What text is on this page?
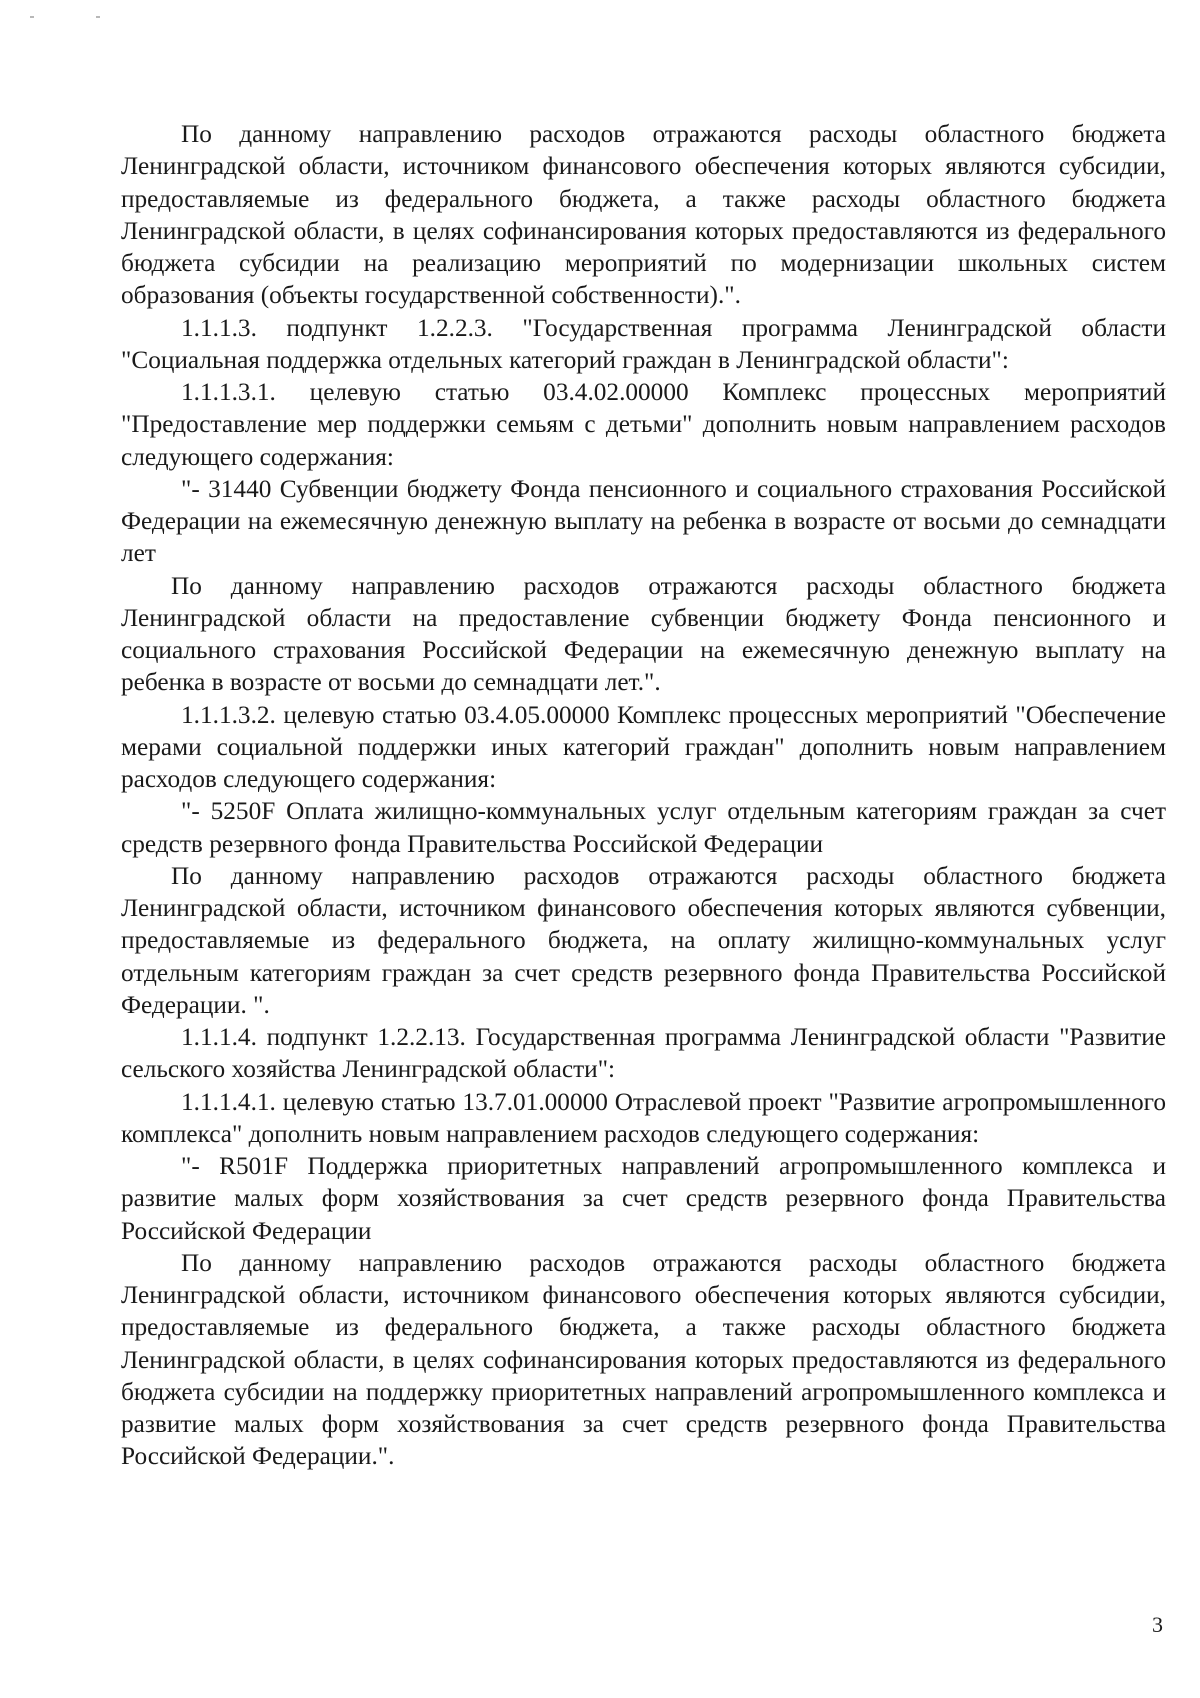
По данному направлению расходов отражаются расходы областного бюджета Ленинградской области, источником финансового обеспечения которых являются субсидии, предоставляемые из федерального бюджета, а также расходы областного бюджета Ленинградской области, в целях софинансирования которых предоставляются из федерального бюджета субсидии на реализацию мероприятий по модернизации школьных систем образования (объекты государственной собственности).".

1.1.1.3. подпункт 1.2.2.3. "Государственная программа Ленинградской области "Социальная поддержка отдельных категорий граждан в Ленинградской области":

1.1.1.3.1. целевую статью 03.4.02.00000 Комплекс процессных мероприятий "Предоставление мер поддержки семьям с детьми" дополнить новым направлением расходов следующего содержания:

"- 31440 Субвенции бюджету Фонда пенсионного и социального страхования Российской Федерации на ежемесячную денежную выплату на ребенка в возрасте от восьми до семнадцати лет

По данному направлению расходов отражаются расходы областного бюджета Ленинградской области на предоставление субвенции бюджету Фонда пенсионного и социального страхования Российской Федерации на ежемесячную денежную выплату на ребенка в возрасте от восьми до семнадцати лет.".

1.1.1.3.2. целевую статью 03.4.05.00000 Комплекс процессных мероприятий "Обеспечение мерами социальной поддержки иных категорий граждан" дополнить новым направлением расходов следующего содержания:

"- 5250F Оплата жилищно-коммунальных услуг отдельным категориям граждан за счет средств резервного фонда Правительства Российской Федерации

По данному направлению расходов отражаются расходы областного бюджета Ленинградской области, источником финансового обеспечения которых являются субвенции, предоставляемые из федерального бюджета, на оплату жилищно-коммунальных услуг отдельным категориям граждан за счет средств резервного фонда Правительства Российской Федерации. ".

1.1.1.4. подпункт 1.2.2.13. Государственная программа Ленинградской области "Развитие сельского хозяйства Ленинградской области":

1.1.1.4.1. целевую статью 13.7.01.00000 Отраслевой проект "Развитие агропромышленного комплекса" дополнить новым направлением расходов следующего содержания:

"- R501F Поддержка приоритетных направлений агропромышленного комплекса и развитие малых форм хозяйствования за счет средств резервного фонда Правительства Российской Федерации

По данному направлению расходов отражаются расходы областного бюджета Ленинградской области, источником финансового обеспечения которых являются субсидии, предоставляемые из федерального бюджета, а также расходы областного бюджета Ленинградской области, в целях софинансирования которых предоставляются из федерального бюджета субсидии на поддержку приоритетных направлений агропромышленного комплекса и развитие малых форм хозяйствования за счет средств резервного фонда Правительства Российской Федерации.".

3
